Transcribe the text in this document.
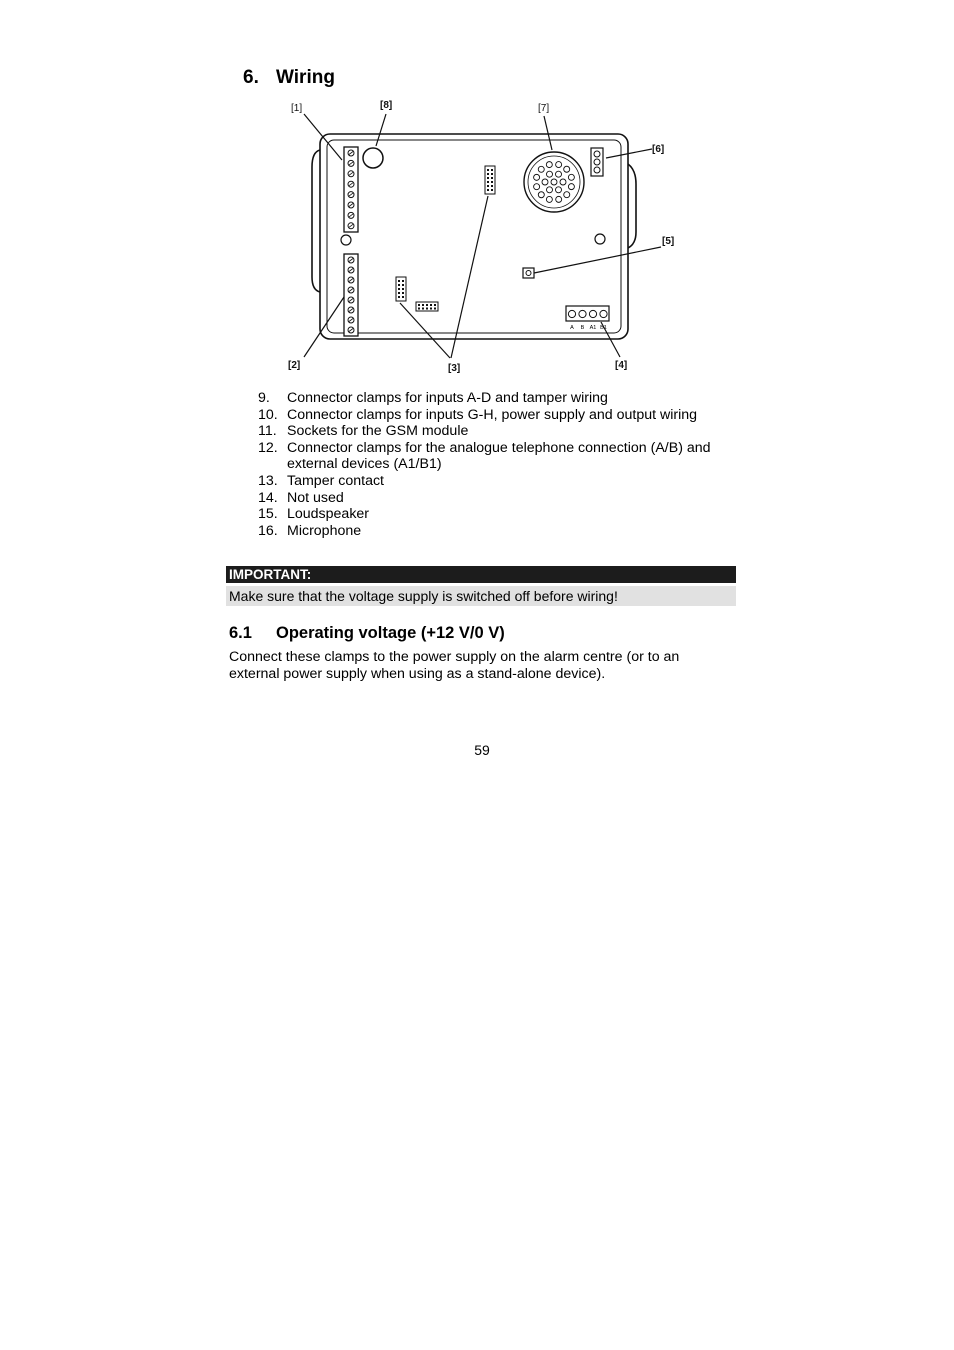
6. Wiring
A B A1 B1
[1]	[8]	[7]
[6]
[5]
[2]	[3]	[4]
9.	Connector clamps for inputs A-D and tamper wiring
10. Connector clamps for inputs G-H, power supply and output wiring
11. Sockets for the GSM module
12. Connector clamps for the analogue telephone connection (A/B) and external devices (A1/B1)
13. Tamper contact
14. Not used
15. Loudspeaker
16. Microphone
IMPORTANT:
Make sure that the voltage supply is switched off before wiring!
6.1 Operating voltage (+12 V/0 V)

Connect these clamps to the power supply on the alarm centre (or to an external power supply when using as a stand-alone device).

59
